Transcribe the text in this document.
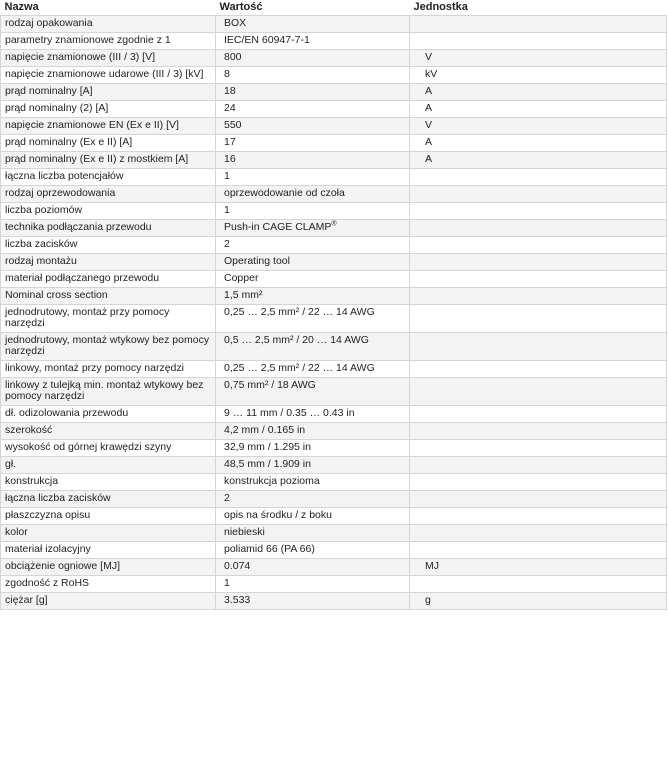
Nazwa	Wartość	Jednostka
rodzaj opakowania	BOX	
parametry znamionowe zgodnie z 1	IEC/EN 60947-7-1	
napięcie znamionowe (III / 3) [V]	800	V
napięcie znamionowe udarowe (III / 3) [kV]	8	kV
prąd nominalny [A]	18	A
prąd nominalny (2) [A]	24	A
napięcie znamionowe EN (Ex e II) [V]	550	V
prąd nominalny (Ex e II) [A]	17	A
prąd nominalny (Ex e II) z mostkiem [A]	16	A
łączna liczba potencjałów	1	
rodzaj oprzewodowania	oprzewodowanie od czoła	
liczba poziomów	1	
technika podłączania przewodu	Push-in CAGE CLAMP®	
liczba zacisków	2	
rodzaj montażu	Operating tool	
materiał podłączanego przewodu	Copper	
Nominal cross section	1,5 mm²	
jednodrutowy, montaż przy pomocy narzędzi	0,25 … 2,5 mm² / 22 … 14 AWG	
jednodrutowy, montaż wtykowy bez pomocy narzędzi	0,5 … 2,5 mm² / 20 … 14 AWG	
linkowy, montaż przy pomocy narzędzi	0,25 … 2,5 mm² / 22 … 14 AWG	
linkowy z tulejką min. montaż wtykowy bez pomocy narzędzi	0,75 mm² / 18 AWG	
dł. odizolowania przewodu	9 … 11 mm / 0.35 … 0.43 in	
szerokość	4,2 mm / 0.165 in	
wysokość od górnej krawędzi szyny	32,9 mm / 1.295 in	
gł.	48,5 mm / 1.909 in	
konstrukcja	konstrukcja pozioma	
łączna liczba zacisków	2	
płaszczyzna opisu	opis na środku / z boku	
kolor	niebieski	
materiał izolacyjny	poliamid 66 (PA 66)	
obciążenie ogniowe [MJ]	0.074	MJ
zgodność z RoHS	1	
ciężar [g]	3.533	g
